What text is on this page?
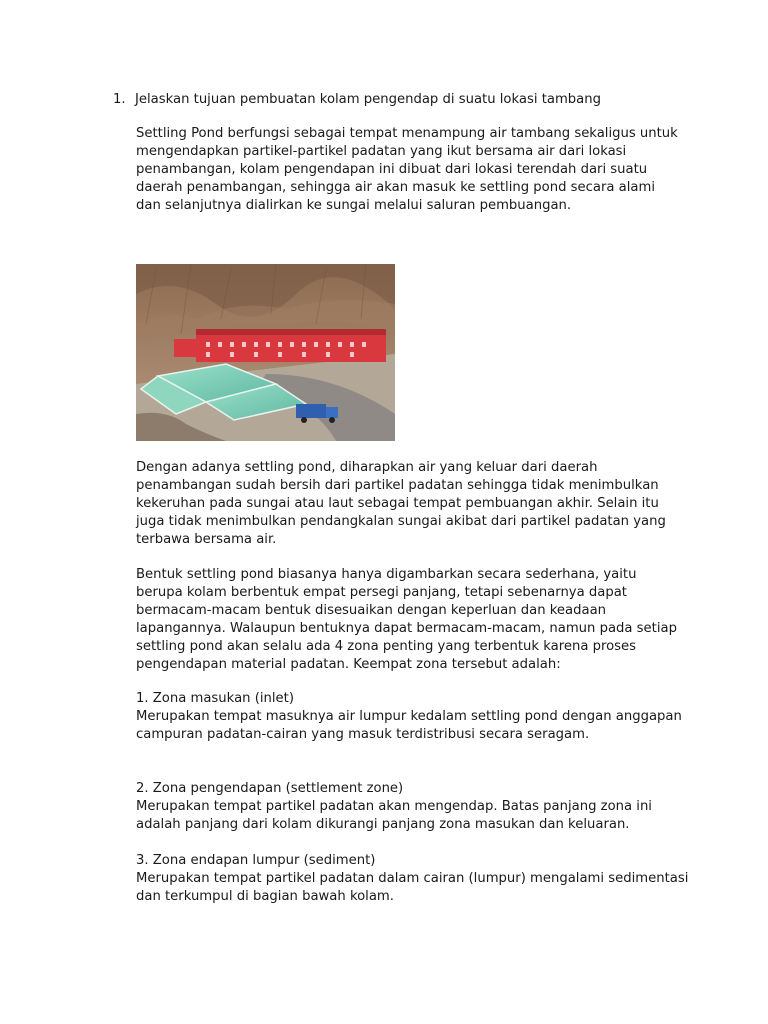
1. Jelaskan tujuan pembuatan kolam pengendap di suatu lokasi tambang

Settling Pond berfungsi sebagai tempat menampung air tambang sekaligus untuk mengendapkan partikel-partikel padatan yang ikut bersama air dari lokasi penambangan, kolam pengendapan ini dibuat dari lokasi terendah dari suatu daerah penambangan, sehingga air akan masuk ke settling pond secara alami dan selanjutnya dialirkan ke sungai melalui saluran pembuangan.

Dengan adanya settling pond, diharapkan air yang keluar dari daerah penambangan sudah bersih dari partikel padatan sehingga tidak menimbulkan kekeruhan pada sungai atau laut sebagai tempat pembuangan akhir. Selain itu juga tidak menimbulkan pendangkalan sungai akibat dari partikel padatan yang terbawa bersama air.

Bentuk settling pond biasanya hanya digambarkan secara sederhana, yaitu berupa kolam berbentuk empat persegi panjang, tetapi sebenarnya dapat bermacam-macam bentuk disesuaikan dengan keperluan dan keadaan lapangannya. Walaupun bentuknya dapat bermacam-macam, namun pada setiap settling pond akan selalu ada 4 zona penting yang terbentuk karena proses pengendapan material padatan. Keempat zona tersebut adalah:

1. Zona masukan (inlet)

Merupakan tempat masuknya air lumpur kedalam settling pond dengan anggapan campuran padatan-cairan yang masuk terdistribusi secara seragam.

2. Zona pengendapan (settlement zone)

Merupakan tempat partikel padatan akan mengendap. Batas panjang zona ini adalah panjang dari kolam dikurangi panjang zona masukan dan keluaran.

3. Zona endapan lumpur (sediment)

Merupakan tempat partikel padatan dalam cairan (lumpur) mengalami sedimentasi dan terkumpul di bagian bawah kolam.
